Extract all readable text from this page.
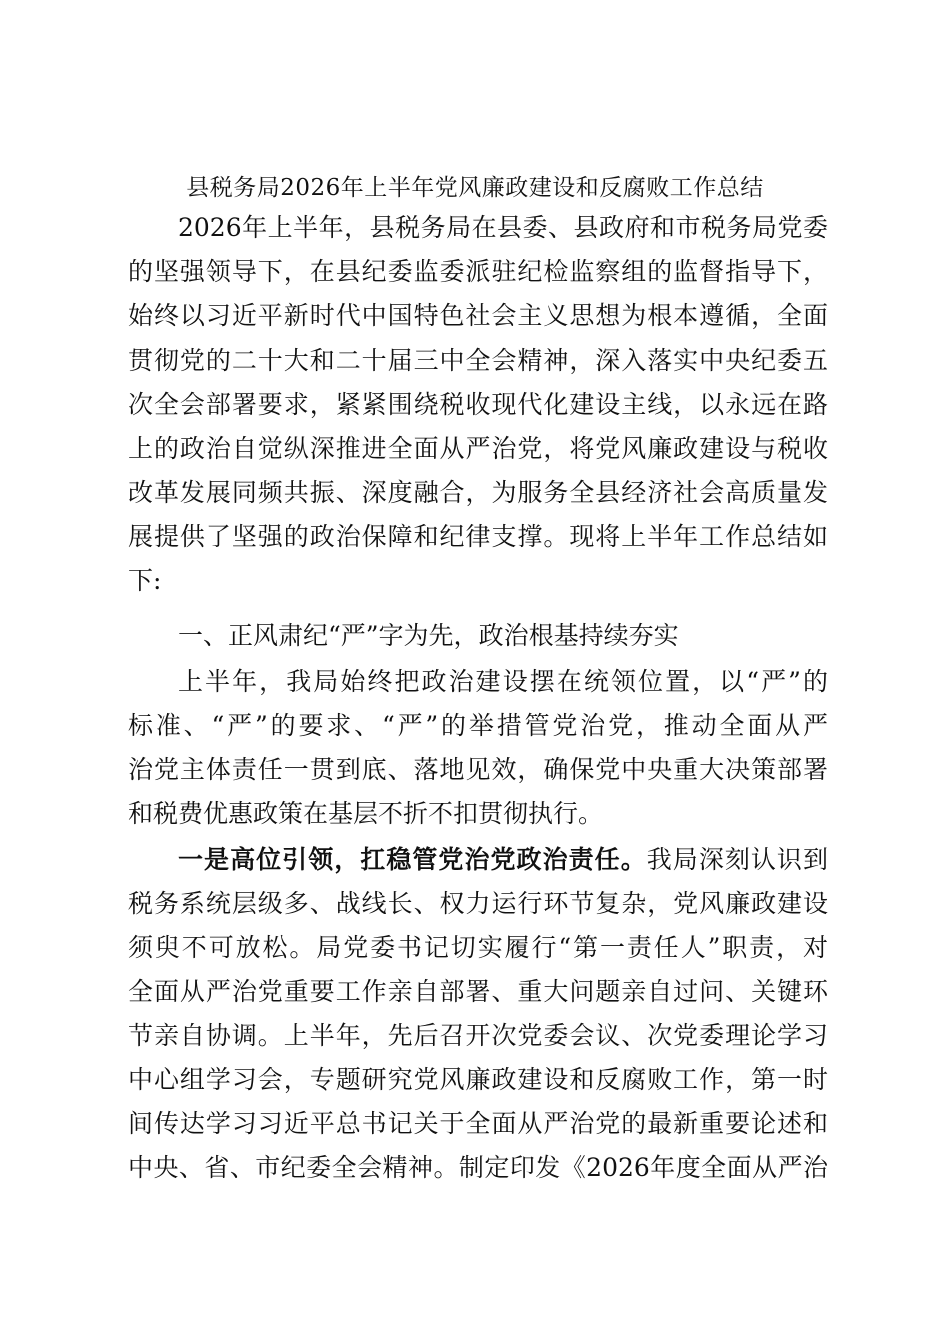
县税务局2026年上半年党风廉政建设和反腐败工作总结
2026年上半年，县税务局在县委、县政府和市税务局党委
的坚强领导下，在县纪委监委派驻纪检监察组的监督指导下，
始终以习近平新时代中国特色社会主义思想为根本遵循，全面
贯彻党的二十大和二十届三中全会精神，深入落实中央纪委五
次全会部署要求，紧紧围绕税收现代化建设主线，以永远在路
上的政治自觉纵深推进全面从严治党，将党风廉政建设与税收
改革发展同频共振、深度融合，为服务全县经济社会高质量发
展提供了坚强的政治保障和纪律支撑。现将上半年工作总结如
下:
一、正风肃纪“严”字为先，政治根基持续夯实
上半年，我局始终把政治建设摆在统领位置，以“严”的
标准、“严”的要求、“严”的举措管党治党，推动全面从严
治党主体责任一贯到底、落地见效，确保党中央重大决策部署
和税费优惠政策在基层不折不扣贯彻执行。
一是高位引领，扛稳管党治党政治责任。我局深刻认识到
税务系统层级多、战线长、权力运行环节复杂，党风廉政建设
须臾不可放松。局党委书记切实履行“第一责任人”职责，对
全面从严治党重要工作亲自部署、重大问题亲自过问、关键环
节亲自协调。上半年，先后召开次党委会议、次党委理论学习
中心组学习会，专题研究党风廉政建设和反腐败工作，第一时
间传达学习习近平总书记关于全面从严治党的最新重要论述和
中央、省、市纪委全会精神。制定印发《2026年度全面从严治
